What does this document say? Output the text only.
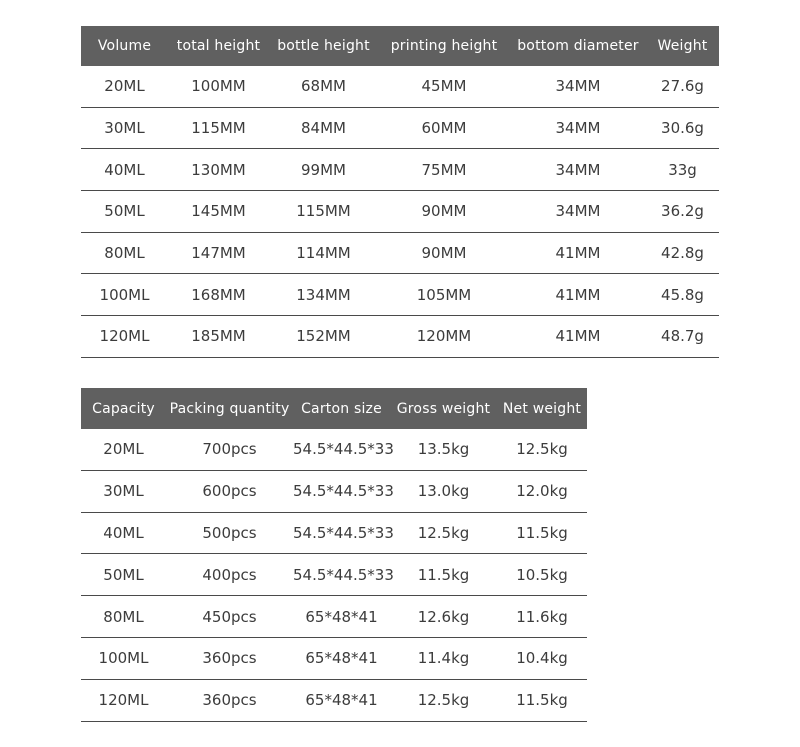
Volume	total height	bottle height	printing height	bottom diameter	Weight
20ML	100MM	68MM	45MM	34MM	27.6g
30ML	115MM	84MM	60MM	34MM	30.6g
40ML	130MM	99MM	75MM	34MM	33g
50ML	145MM	115MM	90MM	34MM	36.2g
80ML	147MM	114MM	90MM	41MM	42.8g
100ML	168MM	134MM	105MM	41MM	45.8g
120ML	185MM	152MM	120MM	41MM	48.7g
Capacity	Packing quantity	Carton size	Gross weight	Net weight
20ML	700pcs	54.5*44.5*33	13.5kg	12.5kg
30ML	600pcs	54.5*44.5*33	13.0kg	12.0kg
40ML	500pcs	54.5*44.5*33	12.5kg	11.5kg
50ML	400pcs	54.5*44.5*33	11.5kg	10.5kg
80ML	450pcs	65*48*41	12.6kg	11.6kg
100ML	360pcs	65*48*41	11.4kg	10.4kg
120ML	360pcs	65*48*41	12.5kg	11.5kg
